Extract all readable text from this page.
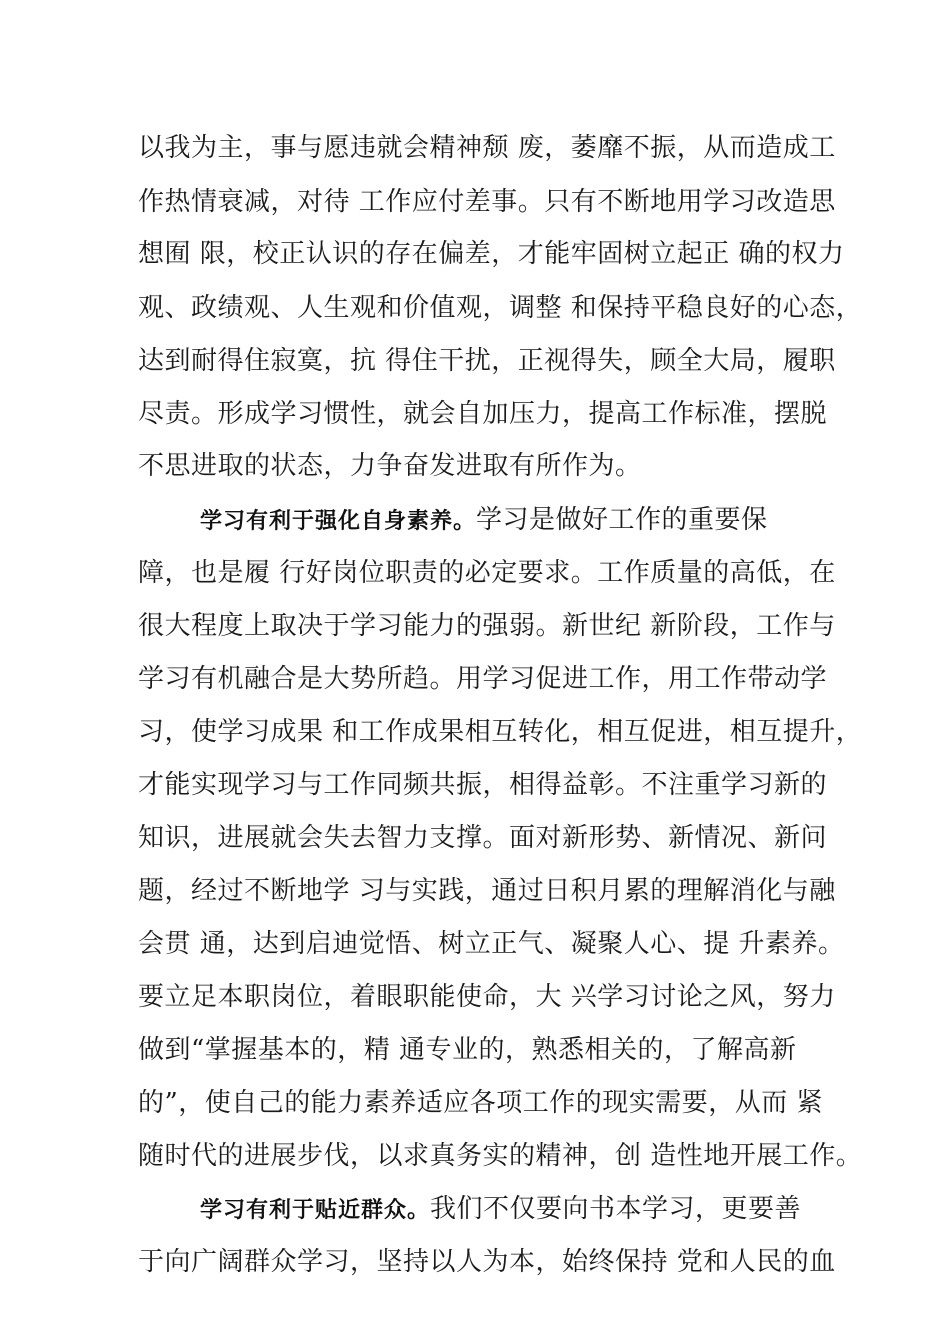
以我为主，事与愿违就会精神颓 废，萎靡不振，从而造成工
作热情衰减，对待 工作应付差事。只有不断地用学习改造思
想囿 限，校正认识的存在偏差，才能牢固树立起正 确的权力
观、政绩观、人生观和价值观，调整 和保持平稳良好的心态，
达到耐得住寂寞，抗 得住干扰，正视得失，顾全大局，履职
尽责。形成学习惯性，就会自加压力，提高工作标准，摆脱
不思进取的状态，力争奋发进取有所作为。
学习有利于强化自身素养。学习是做好工作的重要保
障，也是履 行好岗位职责的必定要求。工作质量的高低，在
很大程度上取决于学习能力的强弱。新世纪 新阶段，工作与
学习有机融合是大势所趋。用学习促进工作，用工作带动学
习，使学习成果 和工作成果相互转化，相互促进，相互提升，
才能实现学习与工作同频共振，相得益彰。不注重学习新的
知识，进展就会失去智力支撑。面对新形势、新情况、新问
题，经过不断地学 习与实践，通过日积月累的理解消化与融
会贯 通，达到启迪觉悟、树立正气、凝聚人心、提 升素养。
要立足本职岗位，着眼职能使命，大 兴学习讨论之风，努力
做到“掌握基本的，精 通专业的，熟悉相关的，了解高新
的”，使自己的能力素养适应各项工作的现实需要，从而 紧
随时代的进展步伐，以求真务实的精神，创 造性地开展工作。
学习有利于贴近群众。我们不仅要向书本学习，更要善
于向广阔群众学习，坚持以人为本，始终保持 党和人民的血
